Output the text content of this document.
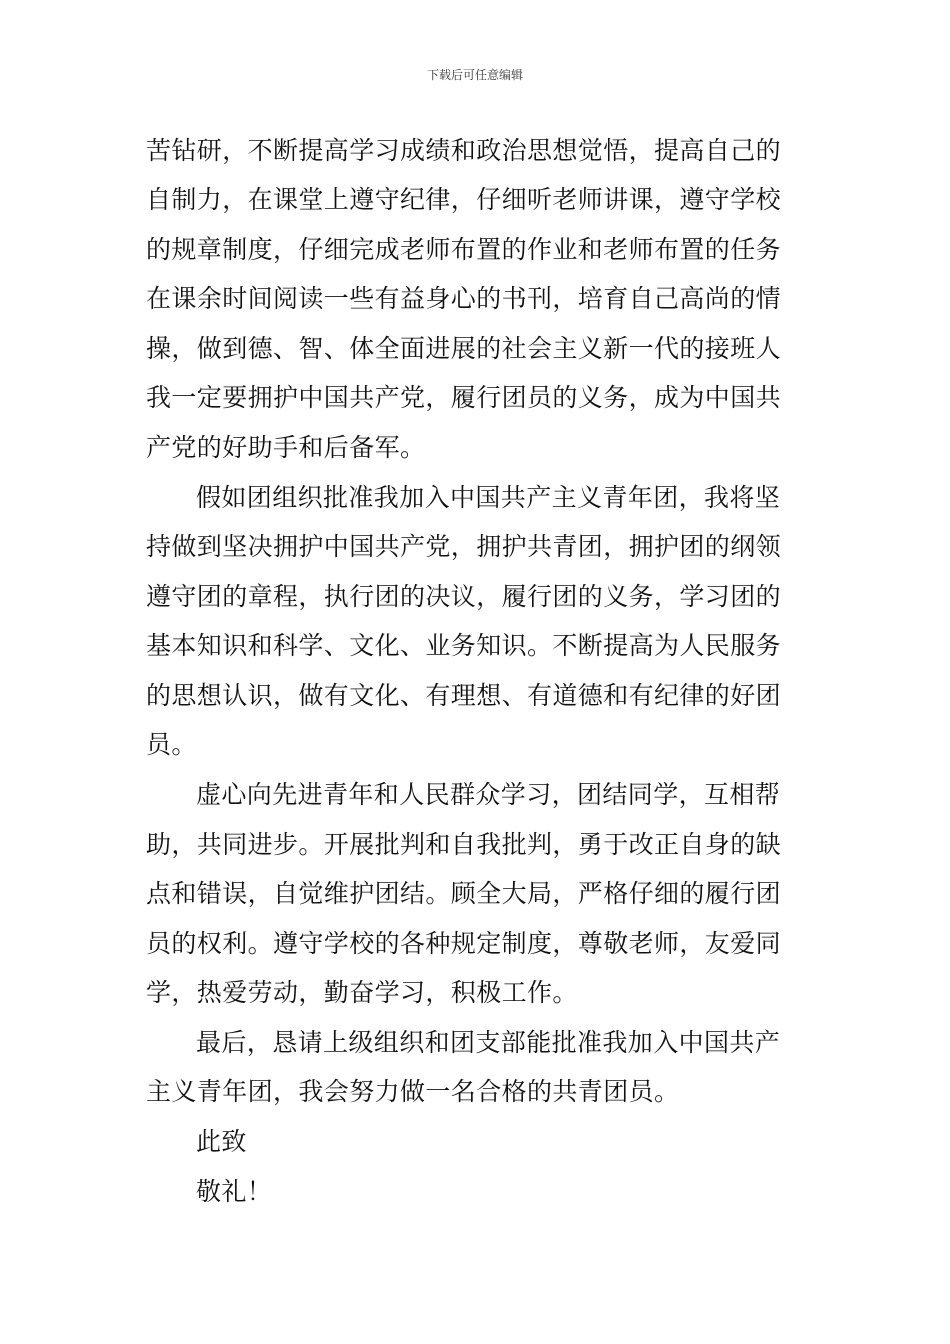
下载后可任意编辑
苦钻研，不断提高学习成绩和政治思想觉悟，提高自己的
自制力，在课堂上遵守纪律，仔细听老师讲课，遵守学校
的规章制度，仔细完成老师布置的作业和老师布置的任务
在课余时间阅读一些有益身心的书刊，培育自己高尚的情
操，做到德、智、体全面进展的社会主义新一代的接班人
我一定要拥护中国共产党，履行团员的义务，成为中国共
产党的好助手和后备军。
假如团组织批准我加入中国共产主义青年团，我将坚
持做到坚决拥护中国共产党，拥护共青团，拥护团的纲领
遵守团的章程，执行团的决议，履行团的义务，学习团的
基本知识和科学、文化、业务知识。不断提高为人民服务
的思想认识，做有文化、有理想、有道德和有纪律的好团
员。
虚心向先进青年和人民群众学习，团结同学，互相帮
助，共同进步。开展批判和自我批判，勇于改正自身的缺
点和错误，自觉维护团结。顾全大局，严格仔细的履行团
员的权利。遵守学校的各种规定制度，尊敬老师，友爱同
学，热爱劳动，勤奋学习，积极工作。
最后，恳请上级组织和团支部能批准我加入中国共产
主义青年团，我会努力做一名合格的共青团员。
此致
敬礼！
